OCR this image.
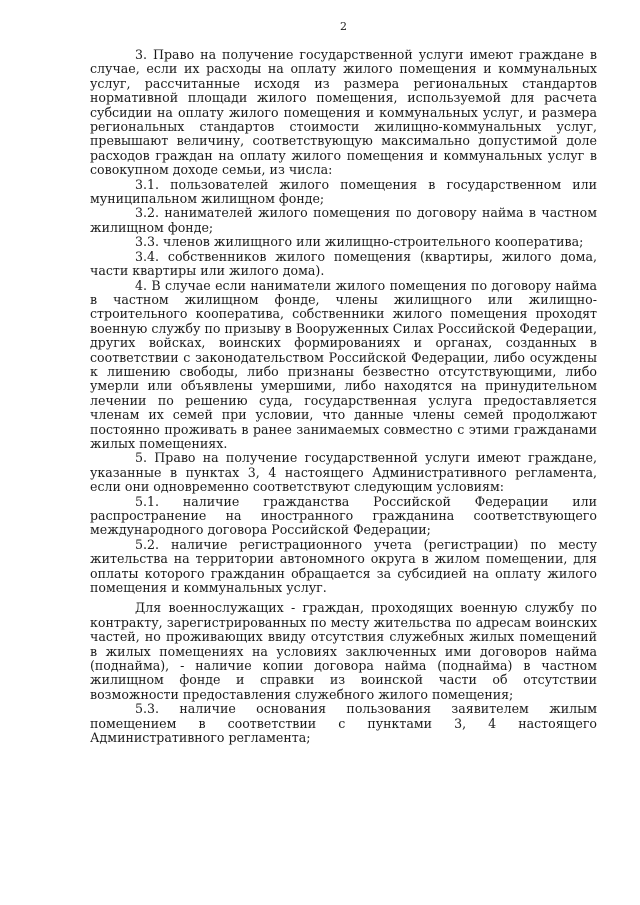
2

3. Право на получение государственной услуги имеют граждане в случае, если их расходы на оплату жилого помещения и коммунальных услуг, рассчитанные исходя из размера региональных стандартов нормативной площади жилого помещения, используемой для расчета субсидии на оплату жилого помещения и коммунальных услуг, и размера региональных стандартов стоимости жилищно-коммунальных услуг, превышают величину, соответствующую максимально допустимой доле расходов граждан на оплату жилого помещения и коммунальных услуг в совокупном доходе семьи, из числа:

3.1. пользователей жилого помещения в государственном или муниципальном жилищном фонде;

3.2. нанимателей жилого помещения по договору найма в частном жилищном фонде;

3.3. членов жилищного или жилищно-строительного кооператива;

3.4. собственников жилого помещения (квартиры, жилого дома, части квартиры или жилого дома).

4. В случае если наниматели жилого помещения по договору найма в частном жилищном фонде, члены жилищного или жилищно-строительного кооператива, собственники жилого помещения проходят военную службу по призыву в Вооруженных Силах Российской Федерации, других войсках, воинских формированиях и органах, созданных в соответствии с законодательством Российской Федерации, либо осуждены к лишению свободы, либо признаны безвестно отсутствующими, либо умерли или объявлены умершими, либо находятся на принудительном лечении по решению суда, государственная услуга предоставляется членам их семей при условии, что данные члены семей продолжают постоянно проживать в ранее занимаемых совместно с этими гражданами жилых помещениях.

5. Право на получение государственной услуги имеют граждане, указанные в пунктах 3, 4 настоящего Административного регламента, если они одновременно соответствуют следующим условиям:

5.1. наличие гражданства Российской Федерации или распространение на иностранного гражданина соответствующего международного договора Российской Федерации;

5.2. наличие регистрационного учета (регистрации) по месту жительства на территории автономного округа в жилом помещении, для оплаты которого гражданин обращается за субсидией на оплату жилого помещения и коммунальных услуг.

Для военнослужащих - граждан, проходящих военную службу по контракту, зарегистрированных по месту жительства по адресам воинских частей, но проживающих ввиду отсутствия служебных жилых помещений в жилых помещениях на условиях заключенных ими договоров найма (поднайма), - наличие копии договора найма (поднайма) в частном жилищном фонде и справки из воинской части об отсутствии возможности предоставления служебного жилого помещения;

5.3. наличие основания пользования заявителем жилым помещением в соответствии с пунктами 3, 4 настоящего Административного регламента;
